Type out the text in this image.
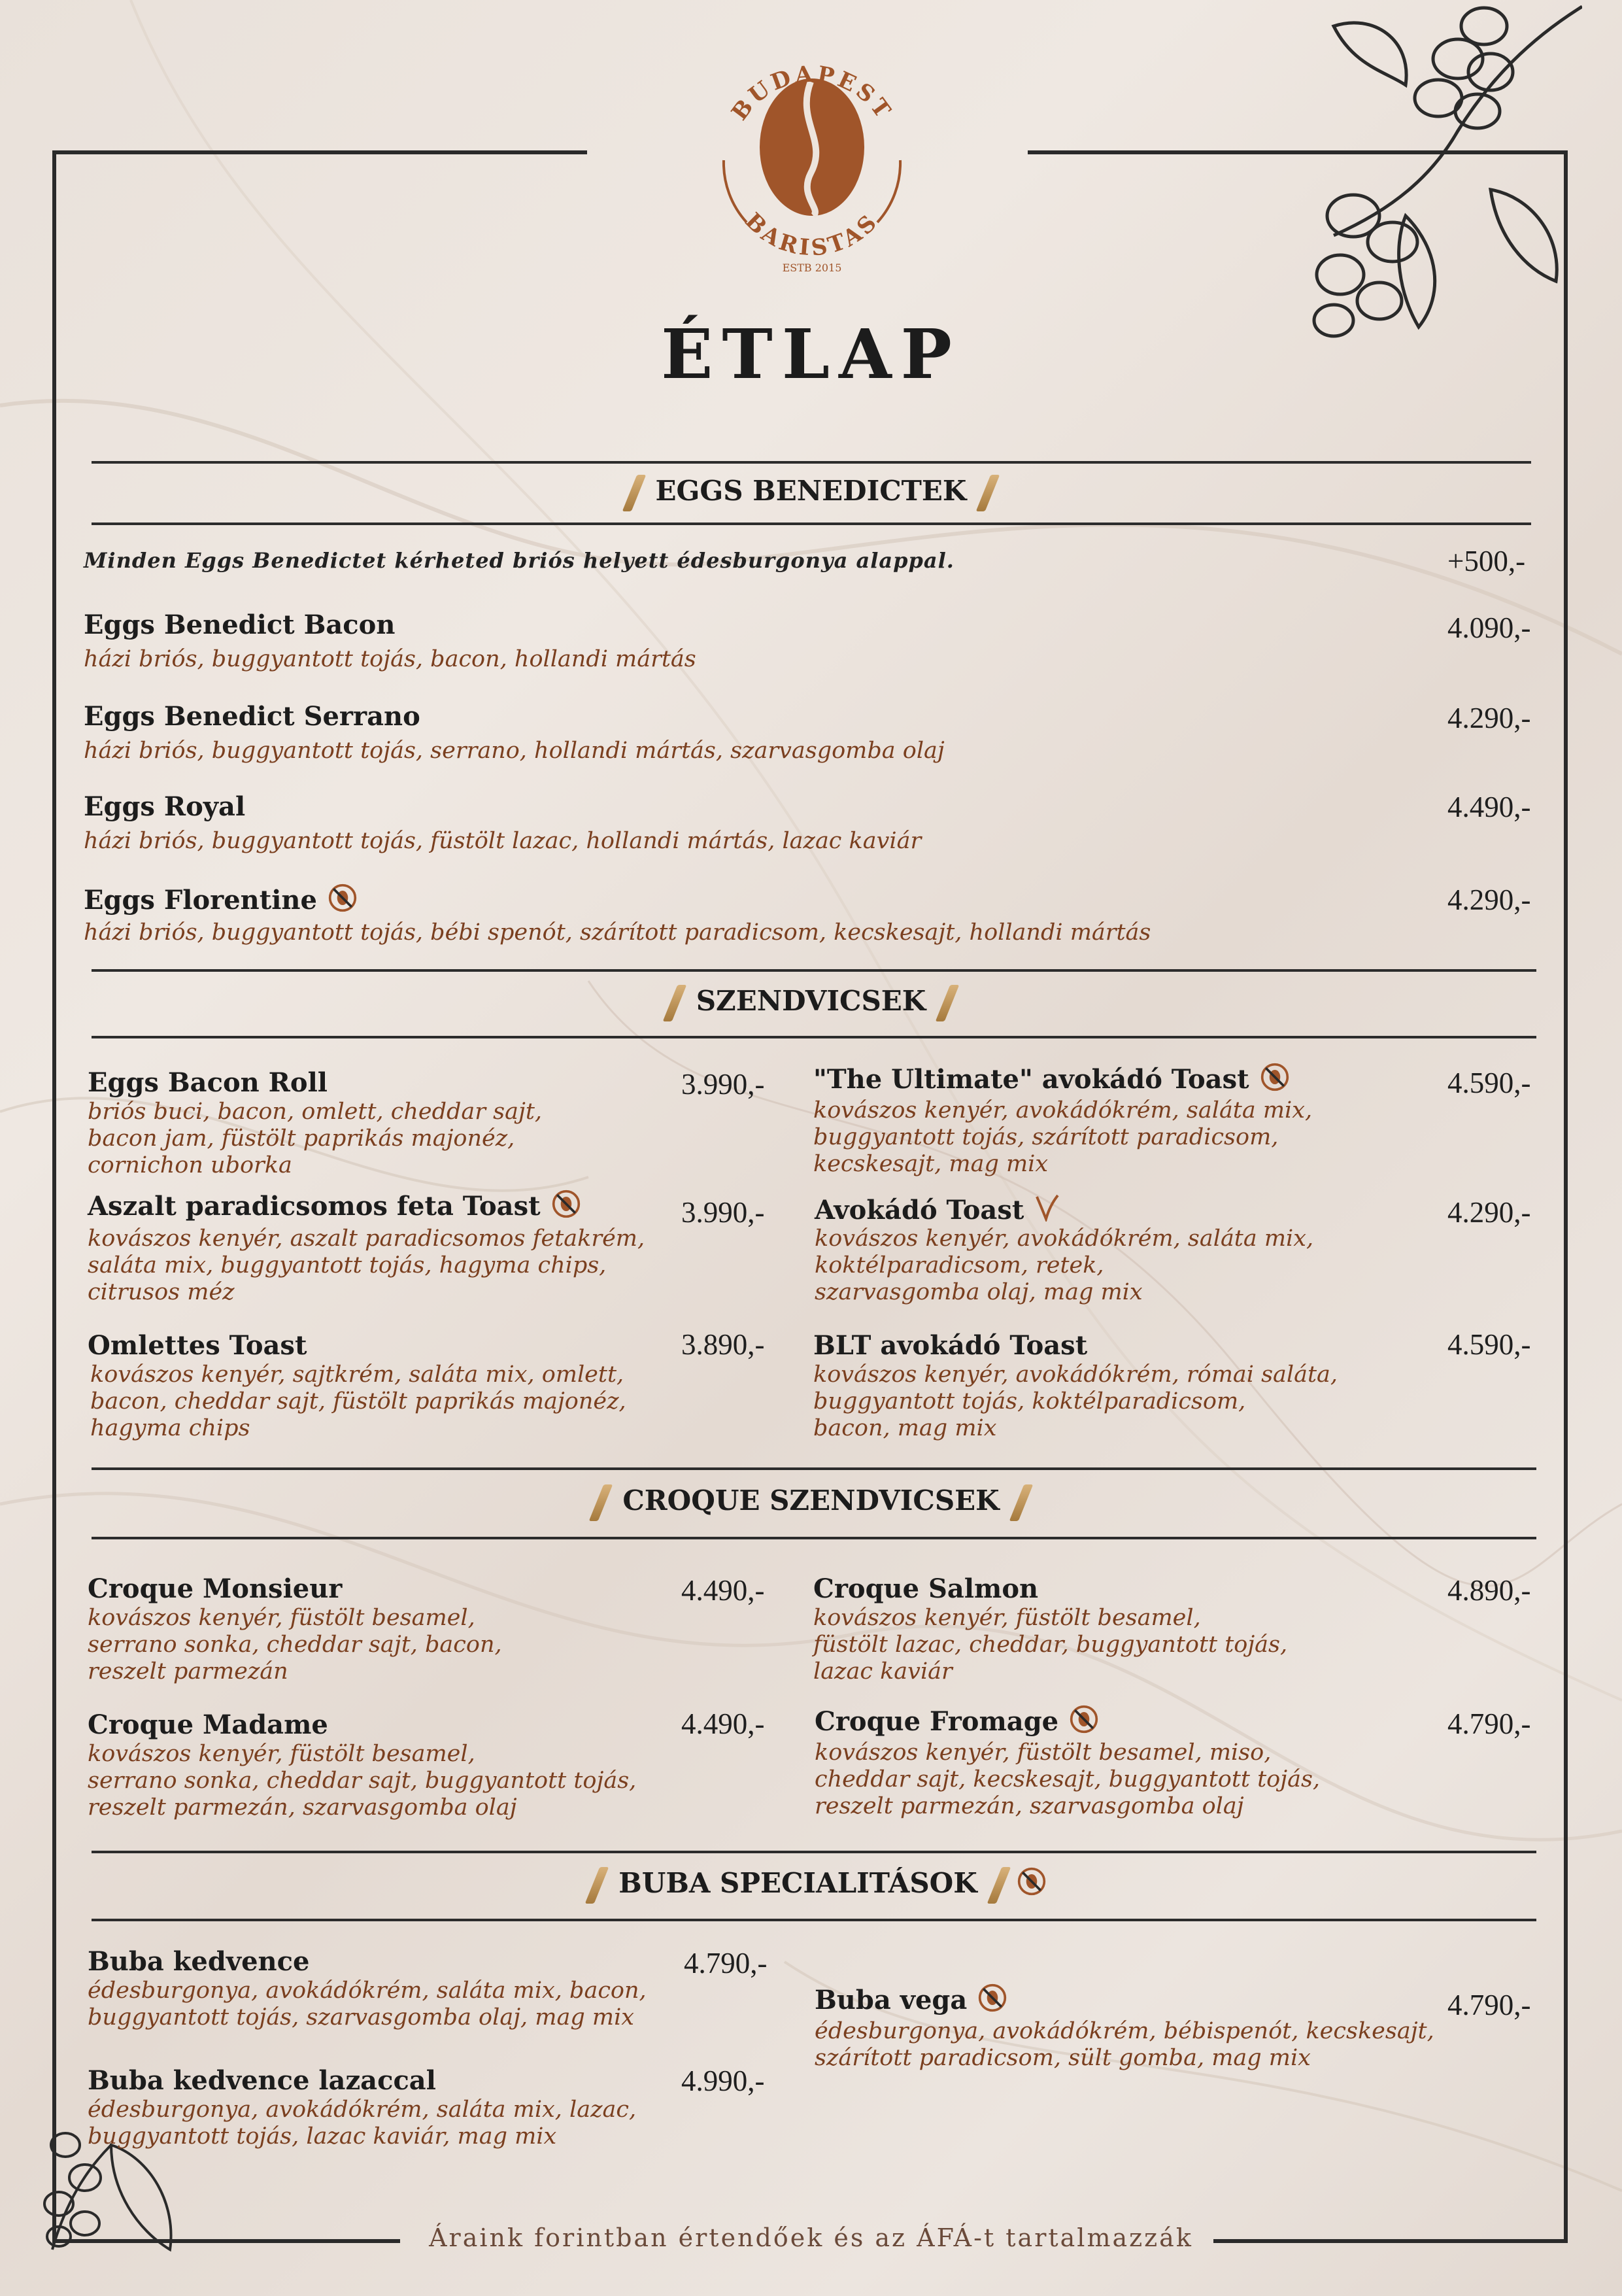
BUDAPEST
BARISTAS
ESTB 2015
ÉTLAP
EGGS BENEDICTEK
Minden Eggs Benedictet kérheted briós helyett édesburgonya alappal.	+500,-
Eggs Benedict Bacon
házi briós, buggyantott tojás, bacon, hollandi mártás
4.090,-
Eggs Benedict Serrano
házi briós, buggyantott tojás, serrano, hollandi mártás, szarvasgomba olaj
4.290,-
Eggs Royal
házi briós, buggyantott tojás, füstölt lazac, hollandi mártás, lazac kaviár
4.490,-
Eggs Florentine
házi briós, buggyantott tojás, bébi spenót, szárított paradicsom, kecskesajt, hollandi mártás
4.290,-
SZENDVICSEK
Eggs Bacon Roll
briós buci, bacon, omlett, cheddar sajt,
bacon jam, füstölt paprikás majonéz,
cornichon uborka
3.990,- "The Ultimate" avokádó Toast
kovászos kenyér, avokádókrém, saláta mix,
buggyantott tojás, szárított paradicsom,
kecskesajt, mag mix
4.590,-
Aszalt paradicsomos feta Toast
kovászos kenyér, aszalt paradicsomos fetakrém,
saláta mix, buggyantott tojás, hagyma chips,
citrusos méz
3.990,- Avokádó Toast
kovászos kenyér, avokádókrém, saláta mix,
koktélparadicsom, retek,
szarvasgomba olaj, mag mix
4.290,-
Omlettes Toast
kovászos kenyér, sajtkrém, saláta mix, omlett,
bacon, cheddar sajt, füstölt paprikás majonéz,
hagyma chips
3.890,- BLT avokádó Toast
kovászos kenyér, avokádókrém, római saláta,
buggyantott tojás, koktélparadicsom,
bacon, mag mix
4.590,-
CROQUE SZENDVICSEK
Croque Monsieur
kovászos kenyér, füstölt besamel,
serrano sonka, cheddar sajt, bacon,
reszelt parmezán
4.490,- Croque Salmon
kovászos kenyér, füstölt besamel,
füstölt lazac, cheddar, buggyantott tojás,
lazac kaviár
4.890,-
Croque Madame
kovászos kenyér, füstölt besamel,
serrano sonka, cheddar sajt, buggyantott tojás,
reszelt parmezán, szarvasgomba olaj
4.490,- Croque Fromage
kovászos kenyér, füstölt besamel, miso,
cheddar sajt, kecskesajt, buggyantott tojás,
reszelt parmezán, szarvasgomba olaj
4.790,-
BUBA SPECIALITÁSOK
Buba kedvence
édesburgonya, avokádókrém, saláta mix, bacon,
buggyantott tojás, szarvasgomba olaj, mag mix
4.790,-
Buba vega
édesburgonya, avokádókrém, bébispenót, kecskesajt,
szárított paradicsom, sült gomba, mag mix
4.790,-
Buba kedvence lazaccal
édesburgonya, avokádókrém, saláta mix, lazac,
buggyantott tojás, lazac kaviár, mag mix
4.990,-
Áraink forintban értendőek és az ÁFÁ-t tartalmazzák
